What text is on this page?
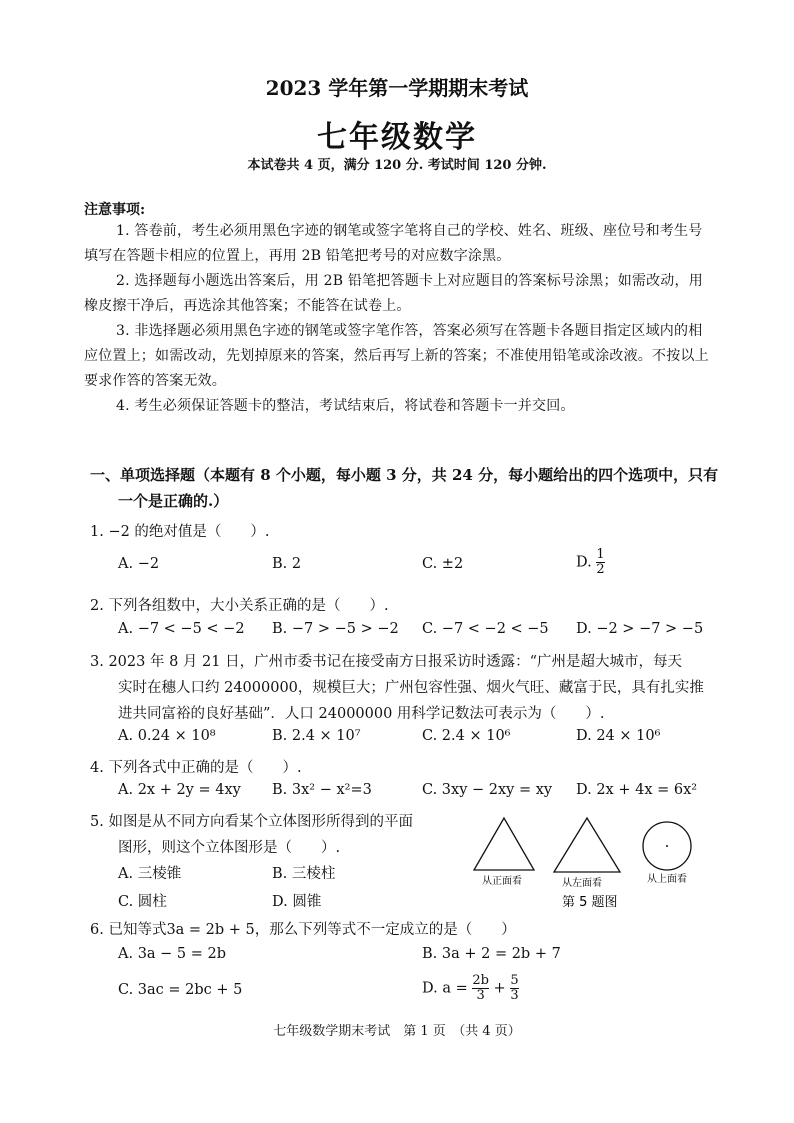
2023 学年第一学期期末考试
七年级数学
本试卷共 4 页，满分 120 分. 考试时间 120 分钟.
注意事项:
1. 答卷前，考生必须用黑色字迹的钢笔或签字笔将自己的学校、姓名、班级、座位号和考生号填写在答题卡相应的位置上，再用 2B 铅笔把考号的对应数字涂黑。
2. 选择题每小题选出答案后，用 2B 铅笔把答题卡上对应题目的答案标号涂黑；如需改动，用橡皮擦干净后，再选涂其他答案；不能答在试卷上。
3. 非选择题必须用黑色字迹的钢笔或签字笔作答，答案必须写在答题卡各题目指定区域内的相应位置上；如需改动，先划掉原来的答案，然后再写上新的答案；不准使用铅笔或涂改液。不按以上要求作答的答案无效。
4. 考生必须保证答题卡的整洁，考试结束后，将试卷和答题卡一并交回。
一、单项选择题（本题有 8 个小题，每小题 3 分，共 24 分，每小题给出的四个选项中，只有
一个是正确的.）
1. −2 的绝对值是（　　）.
A. −2	B. 2	C. ±2	D. $\frac{1}{2}$
2. 下列各组数中，大小关系正确的是（　　）.
A. −7 < −5 < −2 B. −7 > −5 > −2 C. −7 < −2 < −5 D. −2 > −7 > −5
3. 2023 年 8 月 21 日，广州市委书记在接受南方日报采访时透露：“广州是超大城市，每天
实时在穗人口约 24000000，规模巨大；广州包容性强、烟火气旺、藏富于民，具有扎实推
进共同富裕的良好基础”．人口 24000000 用科学记数法可表示为（　　）.
A. 0.24 × 10⁸	B. 2.4 × 10⁷	C. 2.4 × 10⁶	D. 24 × 10⁶
4. 下列各式中正确的是（　　）.
A. 2x + 2y = 4xy B. 3x² − x²=3	C. 3xy − 2xy = xy D. 2x + 4x = 6x²
5. 如图是从不同方向看某个立体图形所得到的平面
图形，则这个立体图形是（　　）.
A. 三棱锥	B. 三棱柱
C. 圆柱	D. 圆锥
从正面看	从左面看	从上面看
第 5 题图
6. 已知等式3a = 2b + 5，那么下列等式不一定成立的是（　　）
A. 3a − 5 = 2b	B. 3a + 2 = 2b + 7
C. 3ac = 2bc + 5	D. $a = \frac{2b}{3} + \frac{5}{3}$
七年级数学期末考试　第 1 页　（共 4 页）
